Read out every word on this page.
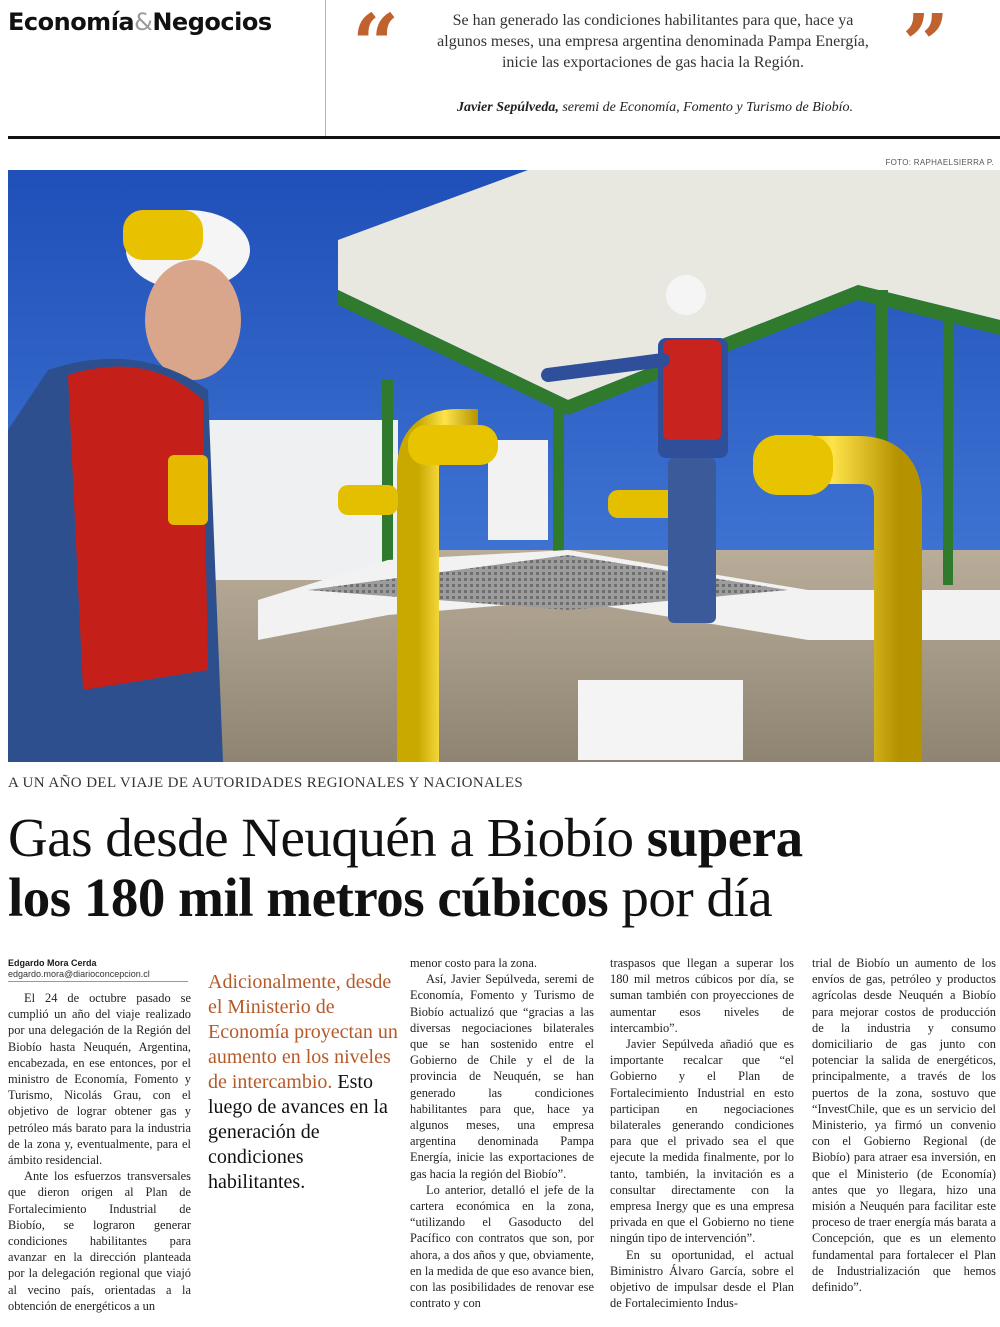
Economía&Negocios “	Se han generado las condiciones habilitantes para que, hace ya algunos meses, una empresa argentina denominada Pampa Energía, inicie las exportaciones de gas hacia la Región.	”
Javier Sepúlveda, seremi de Economía, Fomento y Turismo de Biobío.
FOTO: RAPHAELSIERRA P.
A UN AÑO DEL VIAJE DE AUTORIDADES REGIONALES Y NACIONALES
Gas desde Neuquén a Biobío supera
los 180 mil metros cúbicos por día
Edgardo Mora Cerda
edgardo.mora@diarioconcepcion.cl

El 24 de octubre pasado se cumplió un año del viaje realizado por una delegación de la Región del Biobío hasta Neuquén, Argentina, encabezada, en ese entonces, por el ministro de Economía, Fomento y Turismo, Nicolás Grau, con el objetivo de lograr obtener gas y petróleo más barato para la industria de la zona y, eventualmente, para el ámbito residencial.

Ante los esfuerzos transversales que dieron origen al Plan de Fortalecimiento Industrial de Biobío, se lograron generar condiciones habilitantes para avanzar en la dirección planteada por la delegación regional que viajó al vecino país, orientadas a la obtención de energéticos a un

Adicionalmente, desde el Ministerio de Economía proyectan un aumento en los niveles de intercambio. Esto luego de avances en la generación de condiciones habilitantes.

menor costo para la zona.

Así, Javier Sepúlveda, seremi de Economía, Fomento y Turismo de Biobío actualizó que “gracias a las diversas negociaciones bilaterales que se han sostenido entre el Gobierno de Chile y el de la provincia de Neuquén, se han generado las condiciones habilitantes para que, hace ya algunos meses, una empresa argentina denominada Pampa Energía, inicie las exportaciones de gas hacia la región del Biobío”.

Lo anterior, detalló el jefe de la cartera económica en la zona, “utilizando el Gasoducto del Pacífico con contratos que son, por ahora, a dos años y que, obviamente, en la medida de que eso avance bien, con las posibilidades de renovar ese contrato y con

traspasos que llegan a superar los 180 mil metros cúbicos por día, se suman también con proyecciones de aumentar esos niveles de intercambio”.

Javier Sepúlveda añadió que es importante recalcar que “el Gobierno y el Plan de Fortalecimiento Industrial en esto participan en negociaciones bilaterales generando condiciones para que el privado sea el que ejecute la medida finalmente, por lo tanto, también, la invitación es a consultar directamente con la empresa Inergy que es una empresa privada en que el Gobierno no tiene ningún tipo de intervención”.

En su oportunidad, el actual Biministro Álvaro García, sobre el objetivo de impulsar desde el Plan de Fortalecimiento Indus-

trial de Biobío un aumento de los envíos de gas, petróleo y productos agrícolas desde Neuquén a Biobío para mejorar costos de producción de la industria y consumo domiciliario de gas junto con potenciar la salida de energéticos, principalmente, a través de los puertos de la zona, sostuvo que “InvestChile, que es un servicio del Ministerio, ya firmó un convenio con el Gobierno Regional (de Biobío) para atraer esa inversión, en que el Ministerio (de Economía) antes que yo llegara, hizo una misión a Neuquén para facilitar este proceso de traer energía más barata a Concepción, que es un elemento fundamental para fortalecer el Plan de Industrialización que hemos definido”.
